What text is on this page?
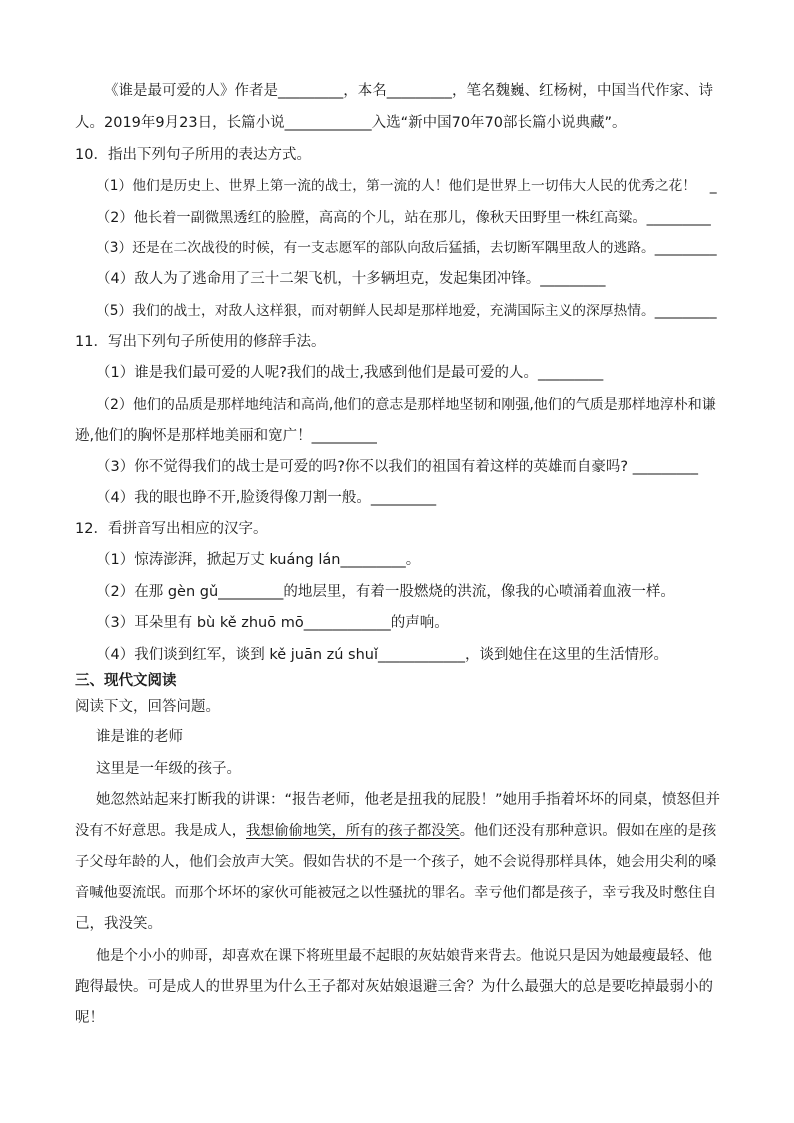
《谁是最可爱的人》作者是_________，本名_________，笔名魏巍、红杨树，中国当代作家、诗
人。2019年9月23日，长篇小说____________入选“新中国70年70部长篇小说典藏”。
10．指出下列句子所用的表达方式。
（1）他们是历史上、世界上第一流的战士，第一流的人！他们是世界上一切伟大人民的优秀之花！　_
（2）他长着一副微黑透红的脸膛，高高的个儿，站在那儿，像秋天田野里一株红高粱。_________
（3）还是在二次战役的时候，有一支志愿军的部队向敌后猛插，去切断军隅里敌人的逃路。_________
（4）敌人为了逃命用了三十二架飞机，十多辆坦克，发起集团冲锋。_________
（5）我们的战士，对敌人这样狠，而对朝鲜人民却是那样地爱，充满国际主义的深厚热情。_________
11．写出下列句子所使用的修辞手法。
（1）谁是我们最可爱的人呢?我们的战士,我感到他们是最可爱的人。_________
（2）他们的品质是那样地纯洁和高尚,他们的意志是那样地坚韧和刚强,他们的气质是那样地淳朴和谦
逊,他们的胸怀是那样地美丽和宽广！_________
（3）你不觉得我们的战士是可爱的吗?你不以我们的祖国有着这样的英雄而自豪吗? _________
（4）我的眼也睁不开,脸烫得像刀割一般。_________
12．看拼音写出相应的汉字。
（1）惊涛澎湃，掀起万丈 kuáng lán_________。
（2）在那 gèn gǔ_________的地层里，有着一股燃烧的洪流，像我的心喷涌着血液一样。
（3）耳朵里有 bù kě zhuō mō____________的声响。
（4）我们谈到红军，谈到 kě juān zú shuǐ____________，谈到她住在这里的生活情形。
三、现代文阅读
阅读下文，回答问题。
谁是谁的老师
这里是一年级的孩子。
她忽然站起来打断我的讲课：“报告老师，他老是扭我的屁股！”她用手指着坏坏的同桌，愤怒但并
没有不好意思。我是成人，我想偷偷地笑，所有的孩子都没笑。他们还没有那种意识。假如在座的是孩
子父母年龄的人，他们会放声大笑。假如告状的不是一个孩子，她不会说得那样具体，她会用尖利的嗓
音喊他耍流氓。而那个坏坏的家伙可能被冠之以性骚扰的罪名。幸亏他们都是孩子，幸亏我及时憋住自
己，我没笑。
他是个小小的帅哥，却喜欢在课下将班里最不起眼的灰姑娘背来背去。他说只是因为她最瘦最轻、他
跑得最快。可是成人的世界里为什么王子都对灰姑娘退避三舍？为什么最强大的总是要吃掉最弱小的
呢！
